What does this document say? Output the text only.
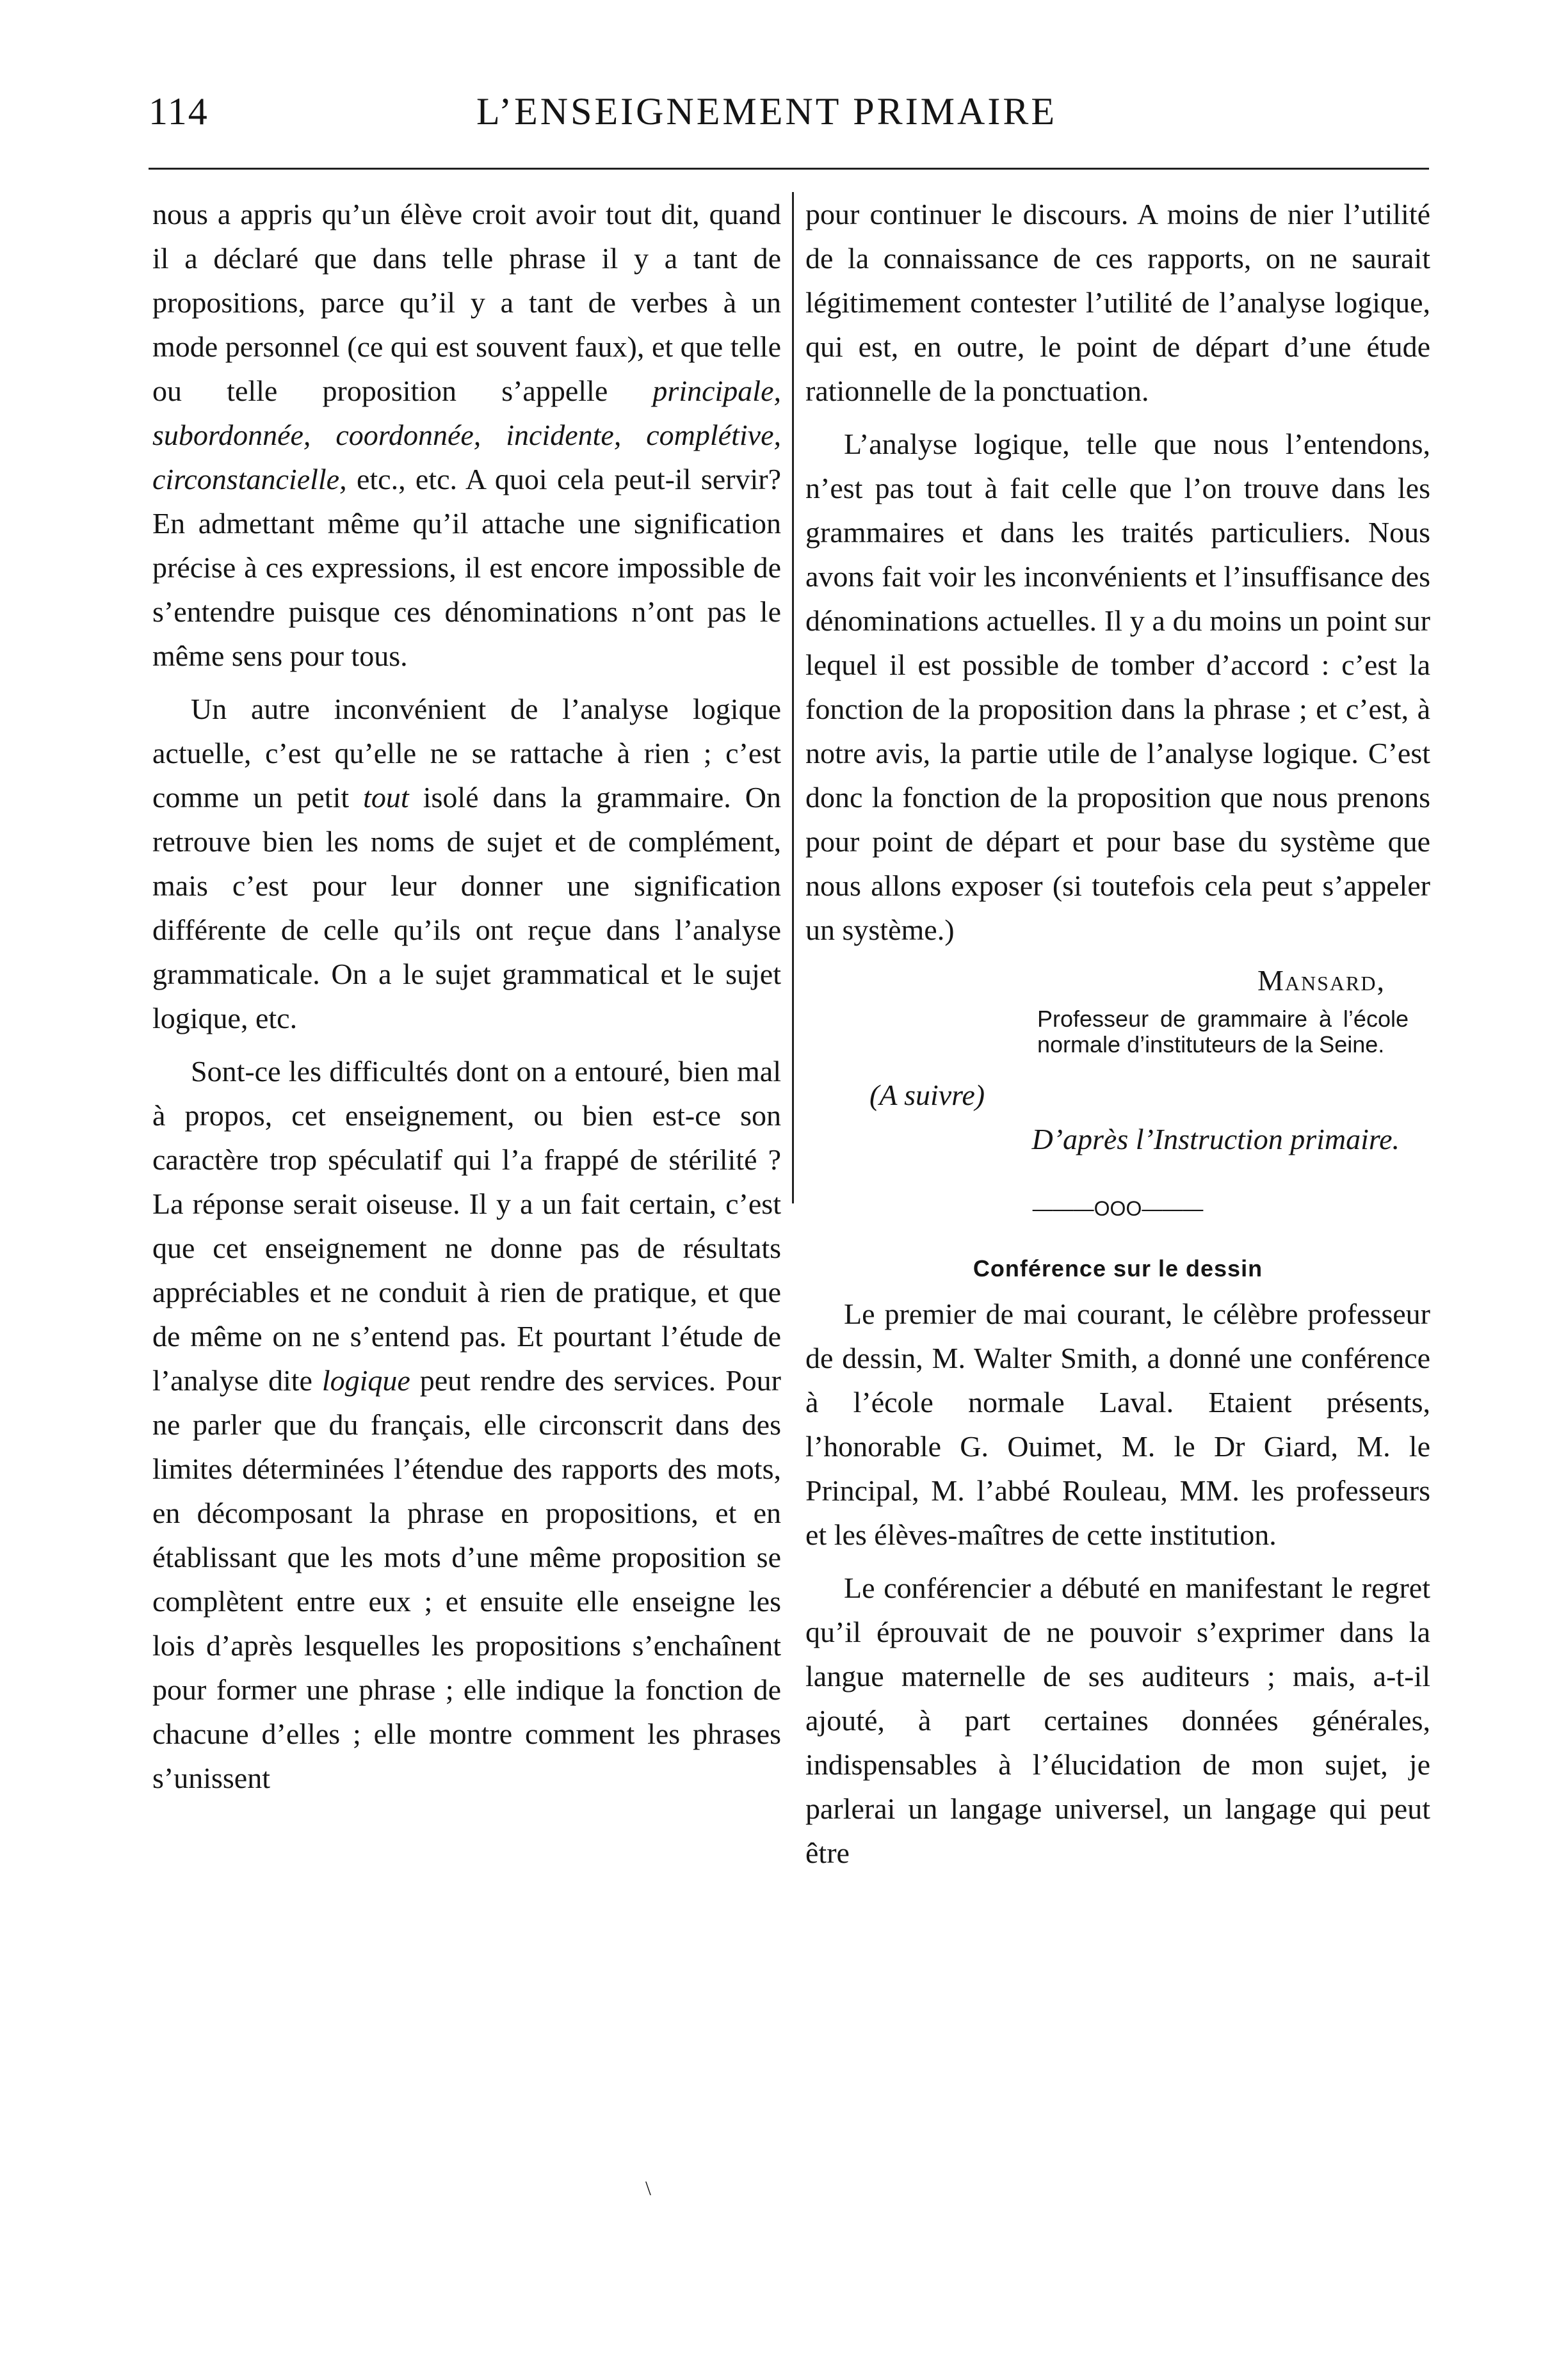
114	L’ENSEIGNEMENT PRIMAIRE

nous a appris qu’un élève croit avoir tout dit, quand il a déclaré que dans telle phrase il y a tant de propositions, parce qu’il y a tant de verbes à un mode personnel (ce qui est souvent faux), et que telle ou telle proposition s’appelle principale, subordonnée, coordonnée, incidente, complétive, circonstancielle, etc., etc. A quoi cela peut-il servir? En admettant même qu’il attache une signification précise à ces expressions, il est encore impossible de s’entendre puisque ces dénominations n’ont pas le même sens pour tous.

Un autre inconvénient de l’analyse logique actuelle, c’est qu’elle ne se rattache à rien ; c’est comme un petit tout isolé dans la grammaire. On retrouve bien les noms de sujet et de complément, mais c’est pour leur donner une signification différente de celle qu’ils ont reçue dans l’analyse grammaticale. On a le sujet grammatical et le sujet logique, etc.

Sont-ce les difficultés dont on a entouré, bien mal à propos, cet enseignement, ou bien est-ce son caractère trop spéculatif qui l’a frappé de stérilité ? La réponse serait oiseuse. Il y a un fait certain, c’est que cet enseignement ne donne pas de résultats appréciables et ne conduit à rien de pratique, et que de même on ne s’entend pas. Et pourtant l’étude de l’analyse dite logique peut rendre des services. Pour ne parler que du français, elle circonscrit dans des limites déterminées l’étendue des rapports des mots, en décomposant la phrase en propositions, et en établissant que les mots d’une même proposition se complètent entre eux ; et ensuite elle enseigne les lois d’après lesquelles les propositions s’enchaînent pour former une phrase ; elle indique la fonction de chacune d’elles ; elle montre comment les phrases s’unissent

pour continuer le discours. A moins de nier l’utilité de la connaissance de ces rapports, on ne saurait légitimement contester l’utilité de l’analyse logique, qui est, en outre, le point de départ d’une étude rationnelle de la ponctuation.

L’analyse logique, telle que nous l’entendons, n’est pas tout à fait celle que l’on trouve dans les grammaires et dans les traités particuliers. Nous avons fait voir les inconvénients et l’insuffisance des dénominations actuelles. Il y a du moins un point sur lequel il est possible de tomber d’accord : c’est la fonction de la proposition dans la phrase ; et c’est, à notre avis, la partie utile de l’analyse logique. C’est donc la fonction de la proposition que nous prenons pour point de départ et pour base du système que nous allons exposer (si toutefois cela peut s’appeler un système.)

Mansard,

Professeur de grammaire à l’école normale d’instituteurs de la Seine.

(A suivre)

D’après l’Instruction primaire.

———OOO———

Conférence sur le dessin

Le premier de mai courant, le célèbre professeur de dessin, M. Walter Smith, a donné une conférence à l’école normale Laval. Etaient présents, l’honorable G. Ouimet, M. le Dr Giard, M. le Principal, M. l’abbé Rouleau, MM. les professeurs et les élèves-maîtres de cette institution.

Le conférencier a débuté en manifestant le regret qu’il éprouvait de ne pouvoir s’exprimer dans la langue maternelle de ses auditeurs ; mais, a-t-il ajouté, à part certaines données générales, indispensables à l’élucidation de mon sujet, je parlerai un langage universel, un langage qui peut être

\
